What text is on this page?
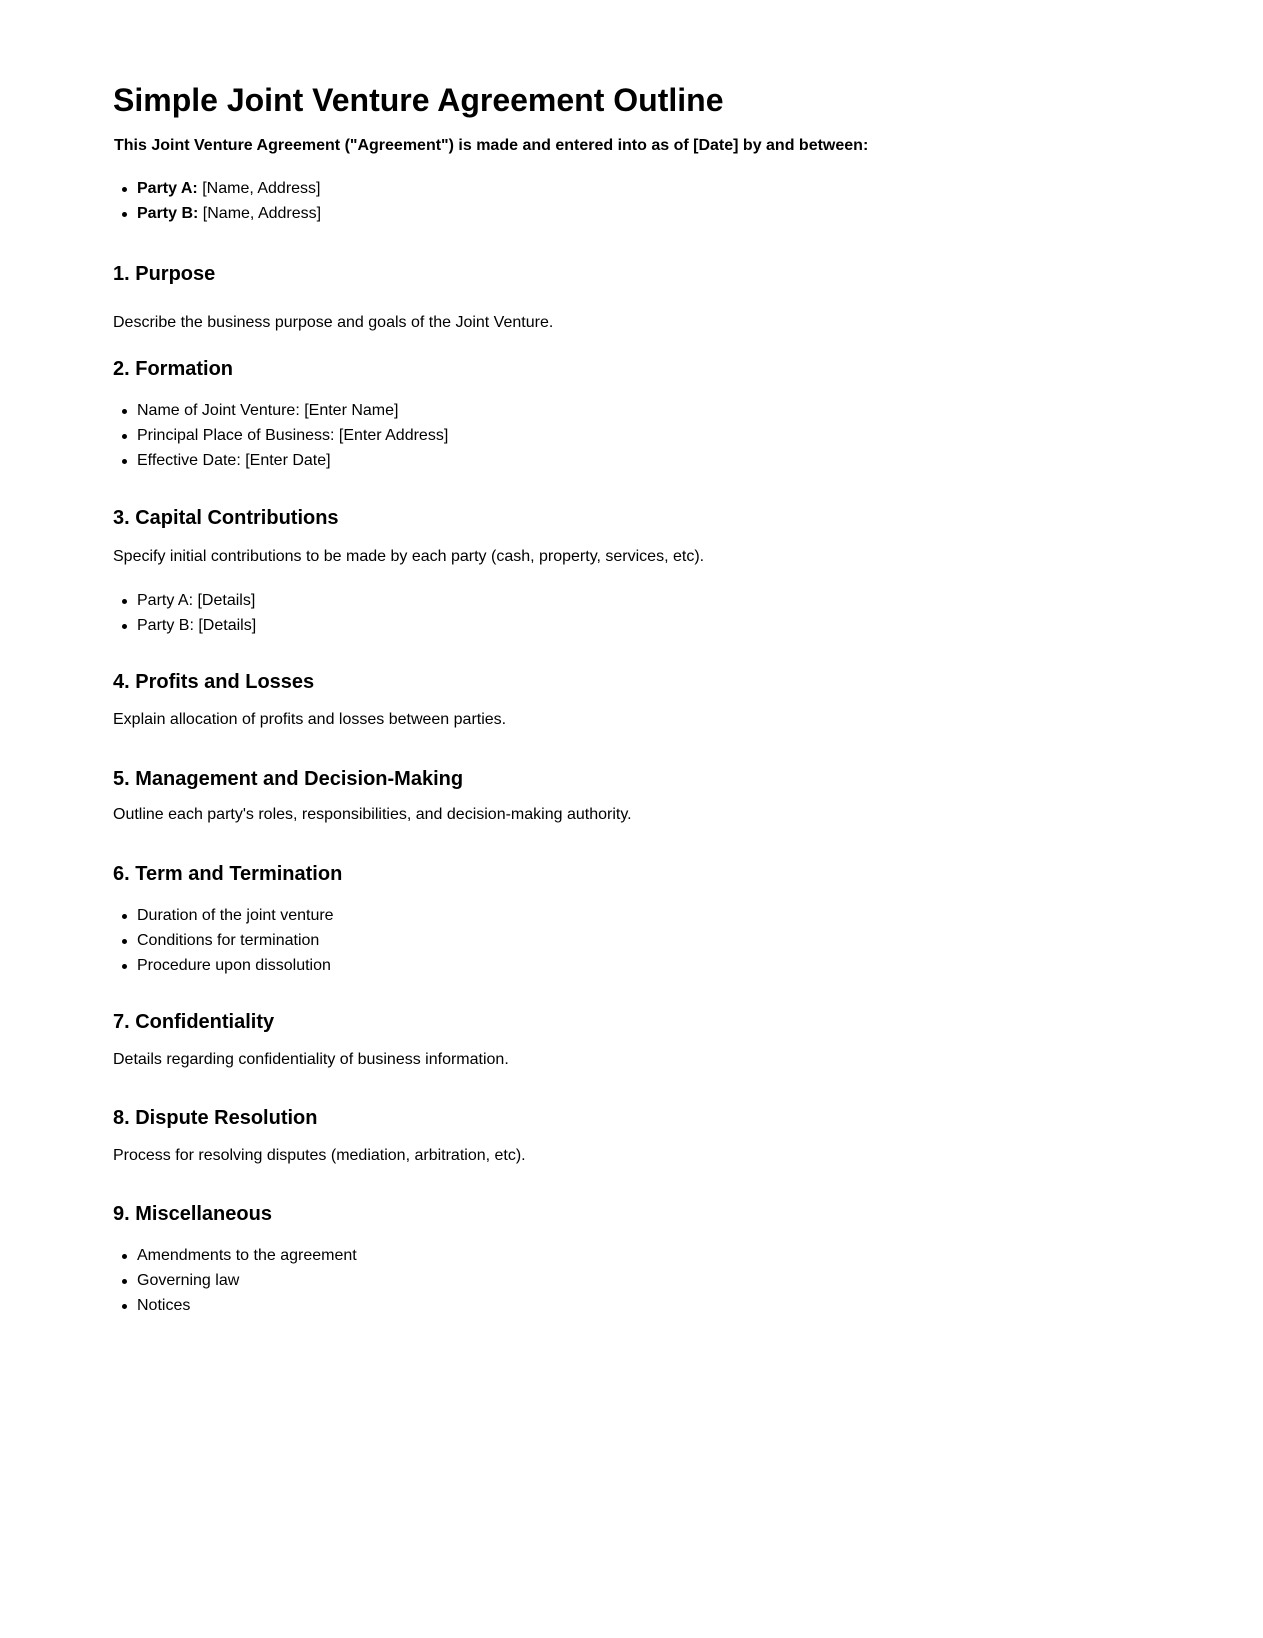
Simple Joint Venture Agreement Outline

This Joint Venture Agreement ("Agreement") is made and entered into as of [Date] by and between:

Party A: [Name, Address]
Party B: [Name, Address]
1. Purpose

Describe the business purpose and goals of the Joint Venture.

2. Formation
Name of Joint Venture: [Enter Name]
Principal Place of Business: [Enter Address]
Effective Date: [Enter Date]
3. Capital Contributions

Specify initial contributions to be made by each party (cash, property, services, etc).

Party A: [Details]
Party B: [Details]
4. Profits and Losses

Explain allocation of profits and losses between parties.

5. Management and Decision-Making

Outline each party's roles, responsibilities, and decision-making authority.

6. Term and Termination
Duration of the joint venture
Conditions for termination
Procedure upon dissolution
7. Confidentiality

Details regarding confidentiality of business information.

8. Dispute Resolution

Process for resolving disputes (mediation, arbitration, etc).

9. Miscellaneous
Amendments to the agreement
Governing law
Notices
